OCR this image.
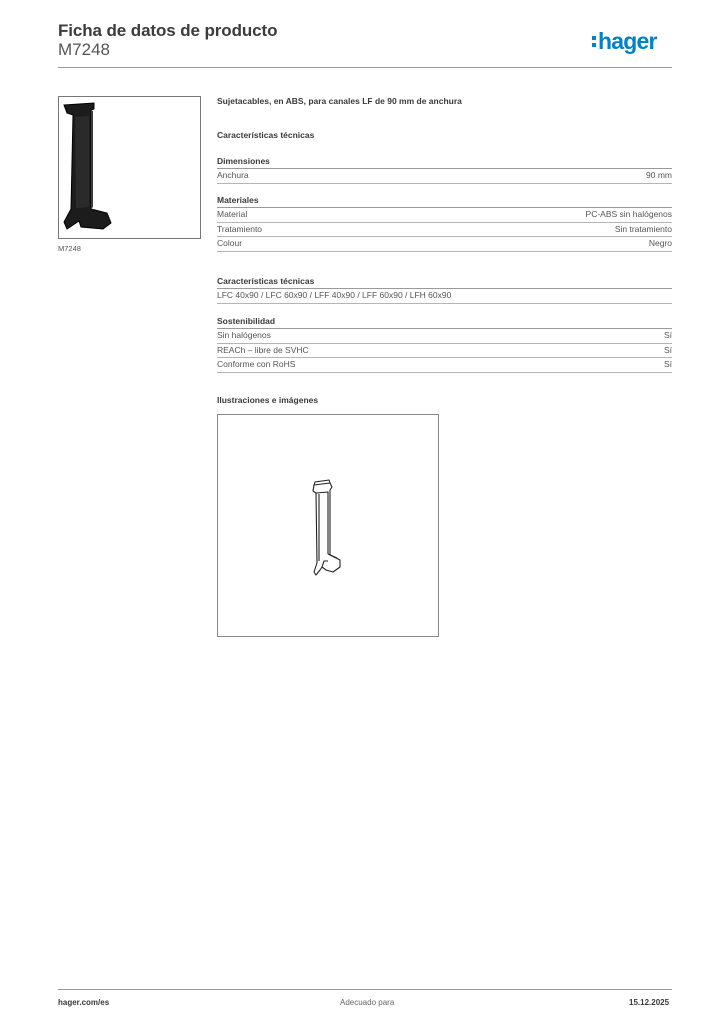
Ficha de datos de producto
M7248	hager
M7248
Sujetacables, en ABS, para canales LF de 90 mm de anchura
Características técnicas
Dimensiones
Anchura	90 mm
Materiales
Material	PC-ABS sin halógenos
Tratamiento	Sin tratamiento
Colour	Negro
Características técnicas
LFC 40x90 / LFC 60x90 / LFF 40x90 / LFF 60x90 / LFH 60x90
Sostenibilidad
Sin halógenos	Sí
REACh – libre de SVHC	Sí
Conforme con RoHS	Sí
Ilustraciones e imágenes
hager.com/es	Adecuado para	15.12.2025
